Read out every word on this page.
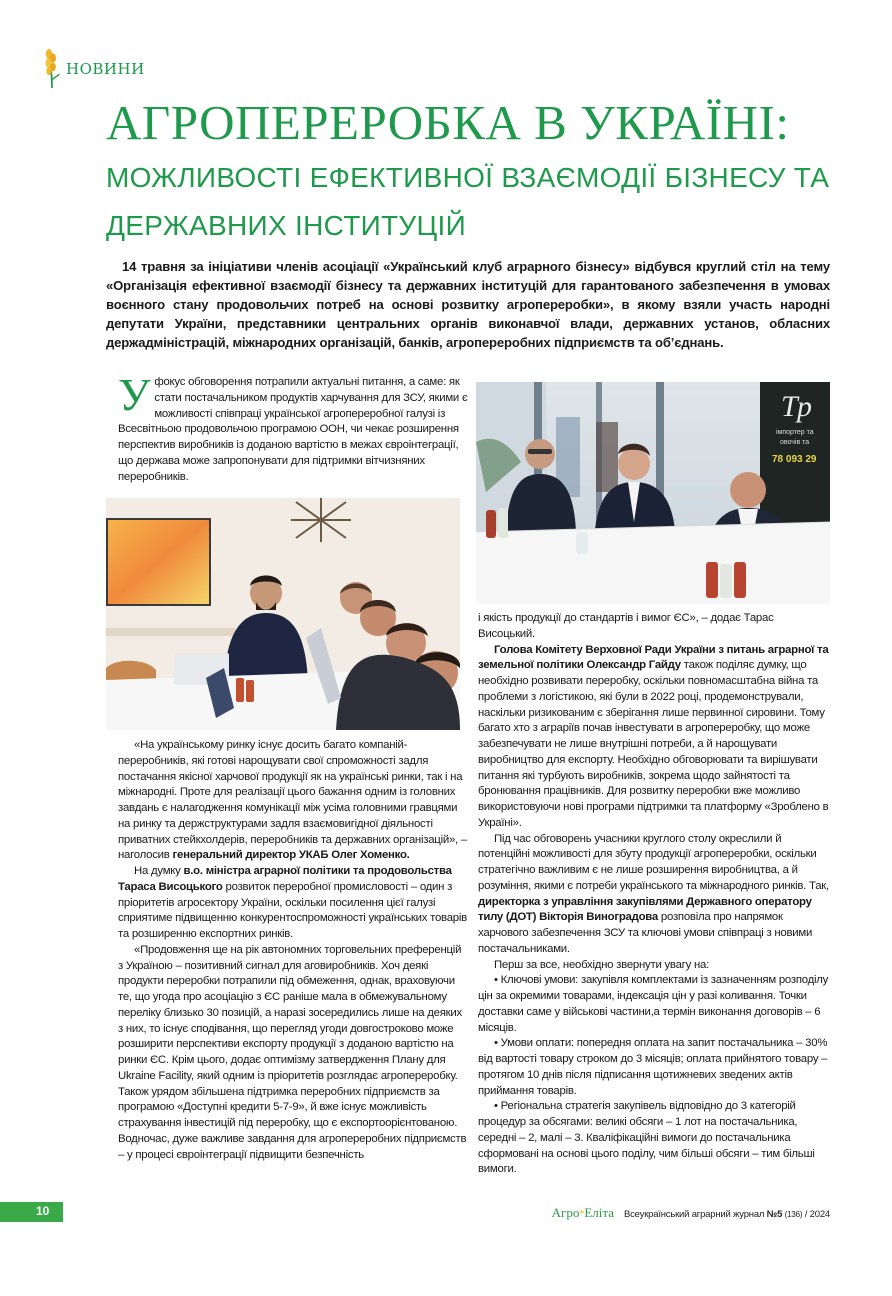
НОВИНИ
АГРОПЕРЕРОБКА В УКРАЇНІ:
МОЖЛИВОСТІ ЕФЕКТИВНОЇ ВЗАЄМОДІЇ БІЗНЕСУ ТА ДЕРЖАВНИХ ІНСТИТУЦІЙ

14 травня за ініціативи членів асоціації «Український клуб аграрного бізнесу» відбувся круглий стіл на тему «Організація ефективної взаємодії бізнесу та державних інституцій для гарантованого забезпечення в умовах воєнного стану продовольчих потреб на основі розвитку агропереробки», в якому взяли участь народні депутати України, представники центральних органів виконавчої влади, державних установ, обласних держадміністрацій, міжнародних організацій, банків, агропереробних підприємств та об’єднань.

У фокус обговорення потрапили актуальні питання, а саме: як стати постачальником продуктів харчування для ЗСУ, якими є можливості співпраці української агропереробної галузі із Всесвітньою продовольчою програмою ООН, чи чекає розширення перспектив виробників із доданою вартістю в межах євроінтеграції, що держава може запропонувати для підтримки вітчизняних переробників.

Тр
імпортер та
овочів та
78 093 29

«На українському ринку існує досить багато компаній-переробників, які готові нарощувати свої спроможності задля постачання якісної харчової продукції як на українські ринки, так і на міжнародні. Проте для реалізації цього бажання одним із головних завдань є налагодження комунікації між усіма головними гравцями на ринку та держструктурами задля взаємовигідної діяльності приватних стейкхолдерів, переробників та державних організацій», – наголосив генеральний директор УКАБ Олег Хоменко.

На думку в.о. міністра аграрної політики та продовольства Тараса Висоцького розвиток переробної промисловості – один з пріоритетів агросектору України, оскільки посилення цієї галузі сприятиме підвищенню конкурентоспроможності українських товарів та розширенню експортних ринків.

«Продовження ще на рік автономних торговельних преференцій з Україною – позитивний сигнал для аговиробників. Хоч деякі продукти переробки потрапили під обмеження, однак, враховуючи те, що угода про асоціацію з ЄС раніше мала в обмежувальному переліку близько 30 позицій, а наразі зосередились лише на деяких з них, то існує сподівання, що перегляд угоди довгостроково може розширити перспективи експорту продукції з доданою вартістю на ринки ЄС. Крім цього, додає оптимізму затвердження Плану для Ukraine Facility, який одним із пріоритетів розглядає агропереробку. Також урядом збільшена підтримка переробних підприємств за програмою «Доступні кредити 5-7-9», й вже існує можливість страхування інвестицій під переробку, що є експортоорієнтованою. Водночас, дуже важливе завдання для агропереробних підприємств – у процесі євроінтеграції підвищити безпечність

і якість продукції до стандартів і вимог ЄС», – додає Тарас Висоцький.

Голова Комітету Верховної Ради України з питань аграрної та земельної політики Олександр Гайду також поділяє думку, що необхідно розвивати переробку, оскільки повномасштабна війна та проблеми з логістикою, які були в 2022 році, продемонстрували, наскільки ризикованим є зберігання лише первинної сировини. Тому багато хто з аграріїв почав інвестувати в агропереробку, що може забезпечувати не лише внутрішні потреби, а й нарощувати виробництво для експорту. Необхідно обговорювати та вирішувати питання які турбують виробників, зокрема щодо зайнятості та бронювання працівників. Для розвитку переробки вже можливо використовуючи нові програми підтримки та платформу «Зроблено в Україні».

Під час обговорень учасники круглого столу окреслили й потенційні можливості для збуту продукції агропереробки, оскільки стратегічно важливим є не лише розширення виробництва, а й розуміння, якими є потреби українського та міжнародного ринків. Так, директорка з управління закупівлями Державного оператору тилу (ДОТ) Вікторія Виноградова розповіла про напрямок харчового забезпечення ЗСУ та ключові умови співпраці з новими постачальниками.

Перш за все, необхідно звернути увагу на:

• Ключові умови: закупівля комплектами із зазначенням розподілу цін за окремими товарами, індексація цін у разі коливання. Точки доставки саме у військові частини,а термін виконання договорів – 6 місяців.

• Умови оплати: попередня оплата на запит постачальника – 30% від вартості товару строком до 3 місяців; оплата прийнятого товару – протягом 10 днів після підписання щотижневих зведених актів приймання товарів.

• Регіональна стратегія закупівель відповідно до 3 категорій процедур за обсягами: великі обсяги – 1 лот на постачальника, середні – 2, малі – 3. Кваліфікаційні вимоги до постачальника сформовані на основі цього поділу, чим більші обсяги – тим більші вимоги.

10	Агро*Еліта Всеукраїнський аграрний журнал №5 (136) / 2024
